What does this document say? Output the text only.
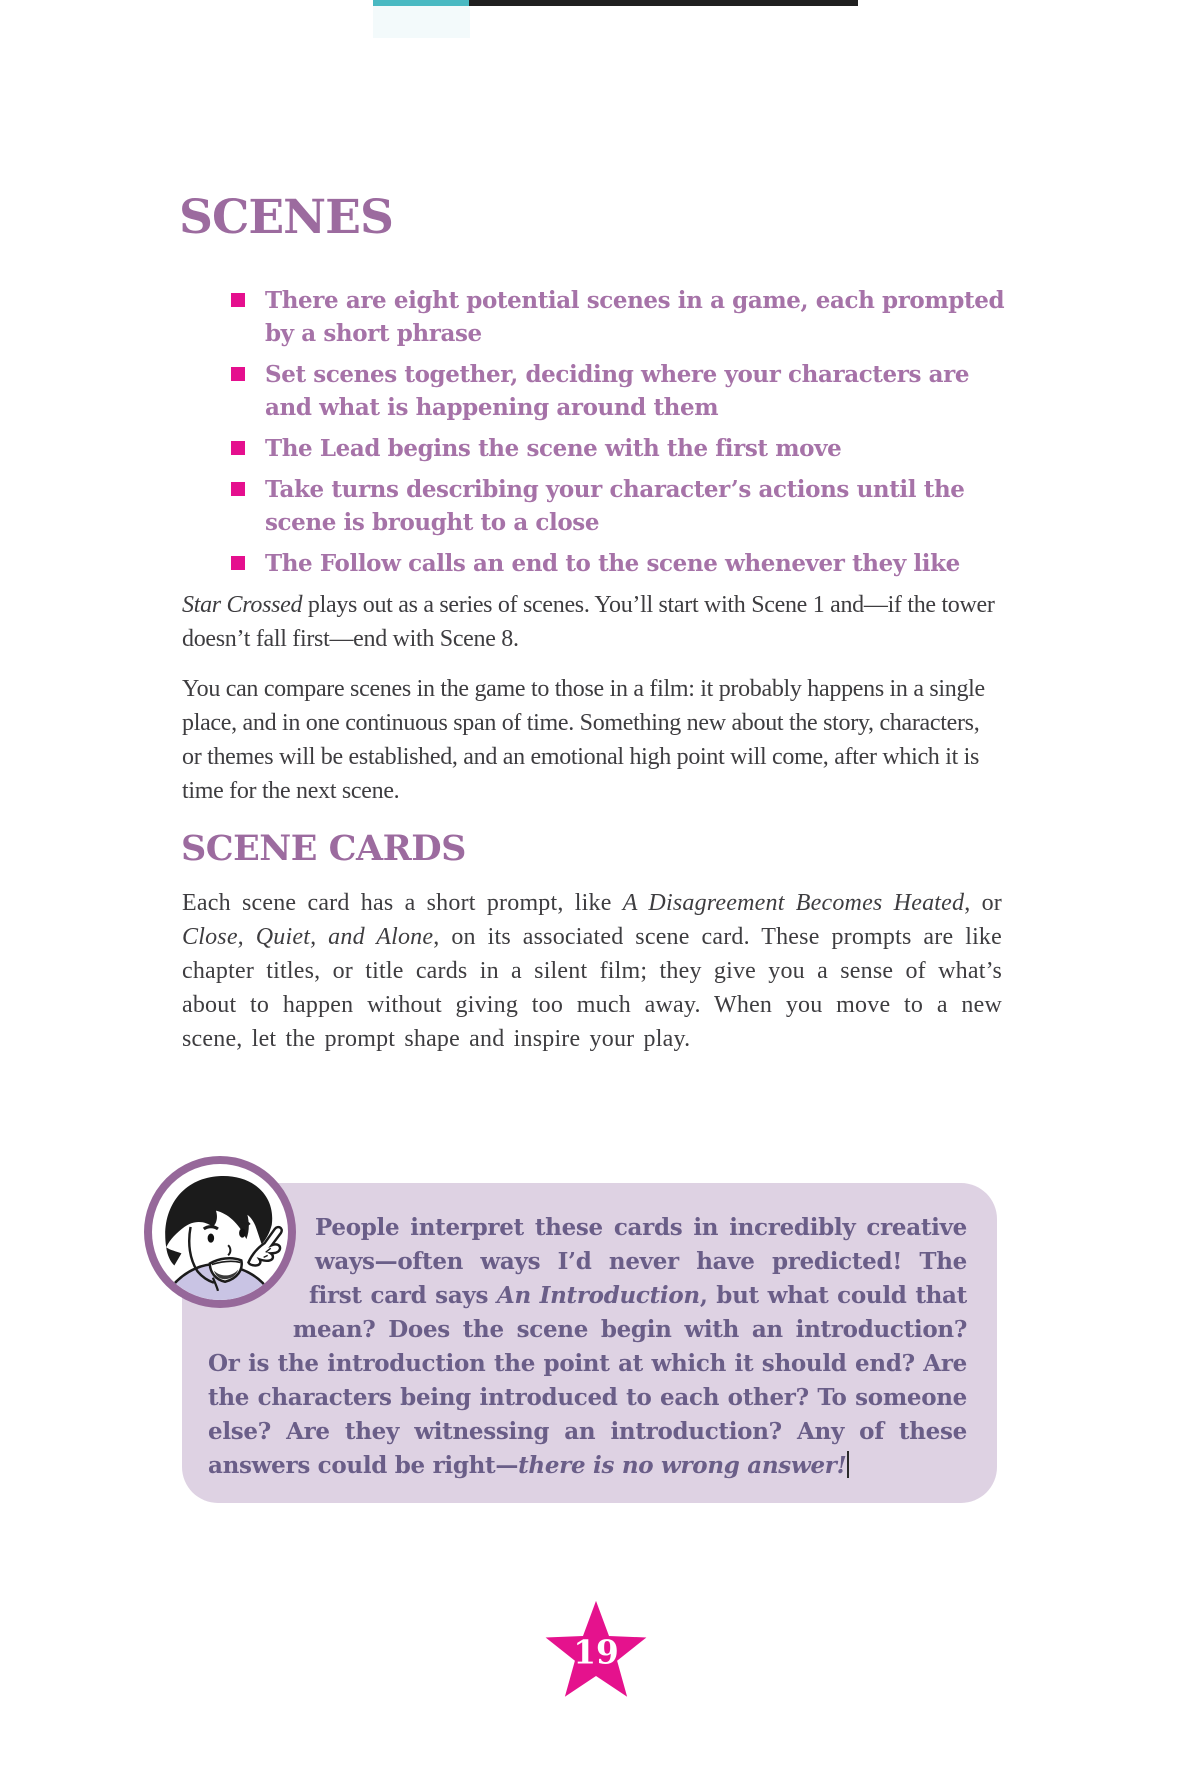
SCENES
There are eight potential scenes in a game, each prompted by a short phrase
Set scenes together, deciding where your characters are and what is happening around them
The Lead begins the scene with the first move
Take turns describing your character’s actions until the scene is brought to a close
The Follow calls an end to the scene whenever they like

Star Crossed plays out as a series of scenes. You’ll start with Scene 1 and—if the tower doesn’t fall first—end with Scene 8.

You can compare scenes in the game to those in a film: it probably happens in a single place, and in one continuous span of time. Something new about the story, characters, or themes will be established, and an emotional high point will come, after which it is time for the next scene.

SCENE CARDS

Each scene card has a short prompt, like A Disagreement Becomes Heated, or Close, Quiet, and Alone, on its associated scene card. These prompts are like chapter titles, or title cards in a silent film; they give you a sense of what’s about to happen without giving too much away. When you move to a new scene, let the prompt shape and inspire your play.

People interpret these cards in incredibly creative ways—often ways I’d never have predicted! The first card says An Introduction, but what could that mean? Does the scene begin with an introduction? Or is the introduction the point at which it should end? Are the characters being introduced to each other? To someone else? Are they witnessing an introduction? Any of these answers could be right—there is no wrong answer!

19
